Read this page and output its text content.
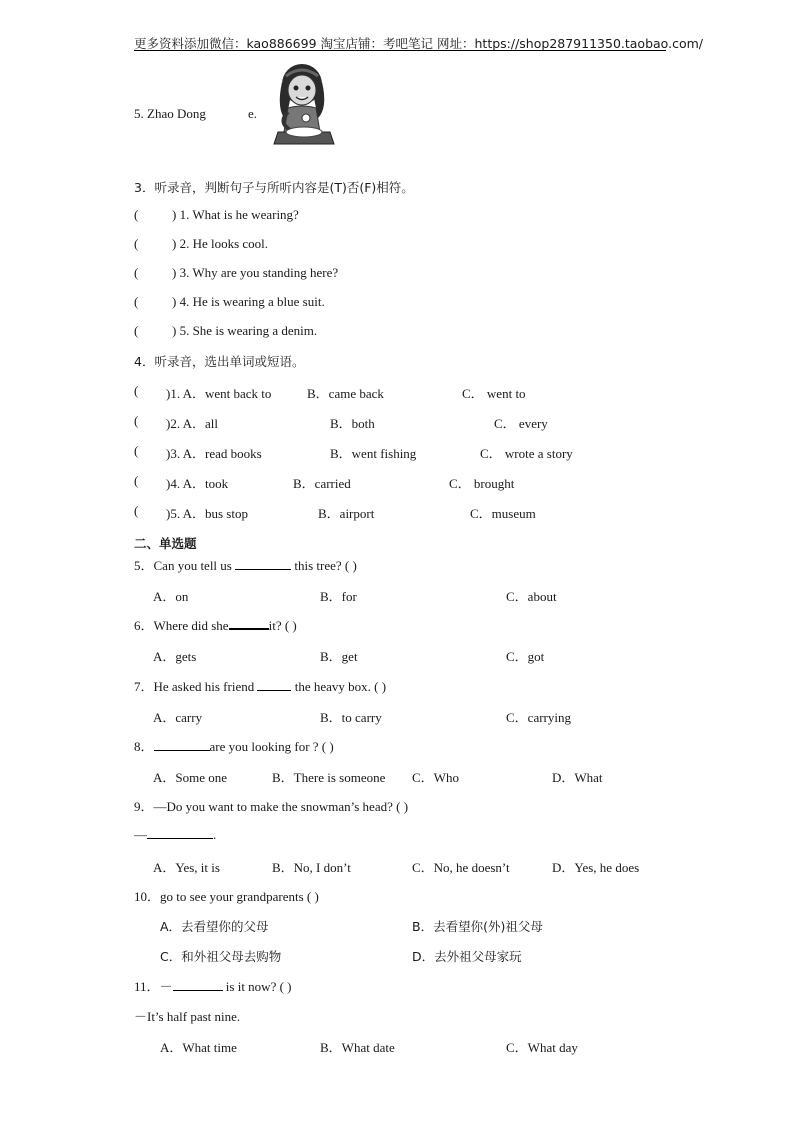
更多资料添加微信：kao886699 淘宝店铺：考吧笔记 网址：https://shop287911350.taobao.com/
5. Zhao Dong	e.
3．听录音，判断句子与所听内容是(T)否(F)相符。
(	) 1. What is he wearing?
(	) 2. He looks cool.
(	) 3. Why are you standing here?
(	) 4. He is wearing a blue suit.
(	) 5. She is wearing a denim.
4．听录音，选出单词或短语。
( )1. A．went back to	B．came back	C． went to
( )2. A．all	B．both	C． every
( )3. A．read books	B．went fishing	C． wrote a story
( )4. A．took	B．carried	C． brought
( )5. A．bus stop	B．airport	C．museum
二、单选题
5．Can you tell us	this tree? ( )
A．on	B．for	C．about
6．Where did she	it? ( )
A．gets	B．get	C．got
7．He asked his friend	the heavy box. ( )
A．carry	B．to carry	C．carrying
8．	are you looking for ? ( )
A．Some one	B．There is someone C．Who	D．What
9．—Do you want to make the snowman’s head? ( )
—	.
A．Yes, it is	B．No, I don’t	C．No, he doesn’t	D．Yes, he does
10．go to see your grandparents ( )
A．去看望你的父母	B．去看望你(外)祖父母
C．和外祖父母去购物	D．去外祖父母家玩
11．－	is it now? ( )
－It’s half past nine.
A．What time	B．What date	C．What day
